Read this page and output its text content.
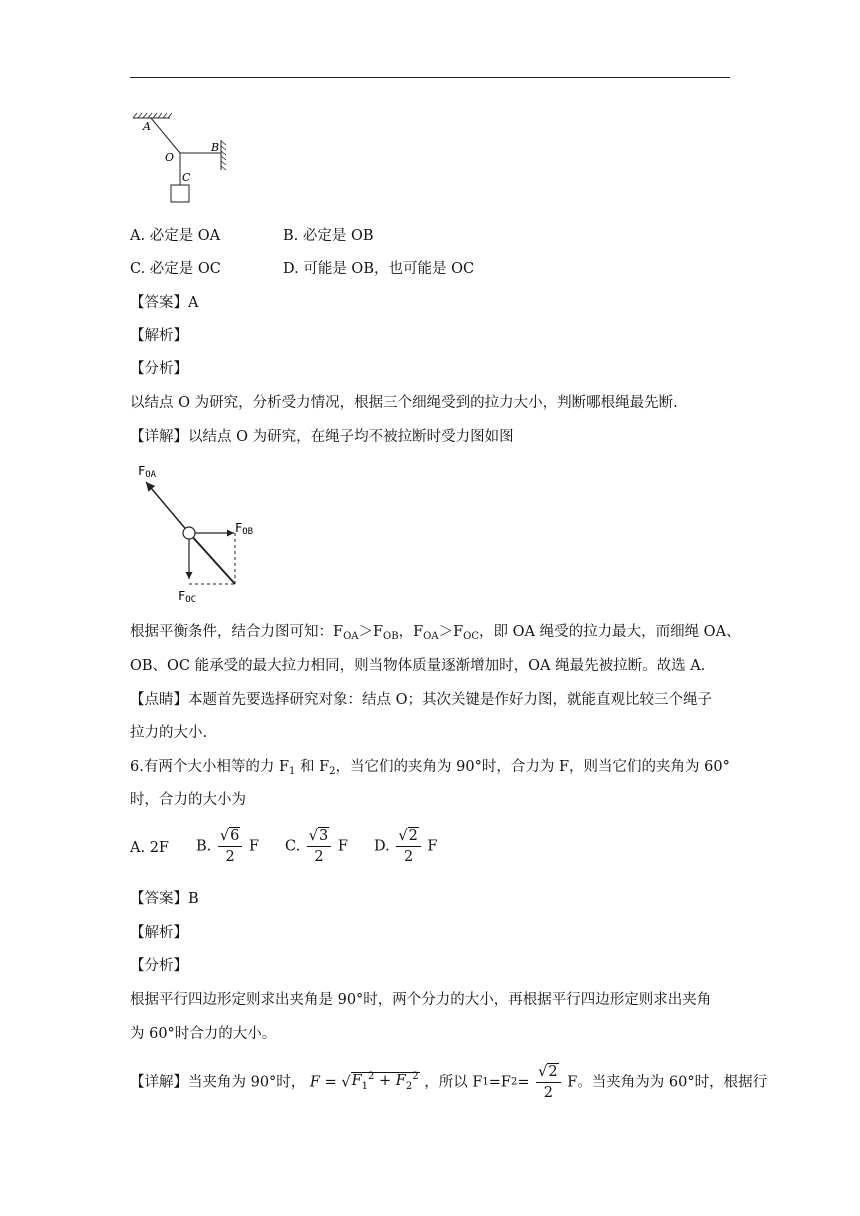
A
O
B
C
A. 必定是 OA	B. 必定是 OB
C. 必定是 OC	D. 可能是 OB，也可能是 OC
【答案】A
【解析】
【分析】
以结点 O 为研究，分析受力情况，根据三个细绳受到的拉力大小，判断哪根绳最先断.
【详解】以结点 O 为研究，在绳子均不被拉断时受力图如图
FOA
FOB
FOC
根据平衡条件，结合力图可知：$F_{OA}>F_{OB}$，$F_{OA}>F_{OC}$，即 OA 绳受的拉力最大，而细绳 OA、
OB、OC 能承受的最大拉力相同，则当物体质量逐渐增加时，OA 绳最先被拉断。故选 A.
【点睛】本题首先要选择研究对象：结点 O；其次关键是作好力图，就能直观比较三个绳子
拉力的大小.
6.有两个大小相等的力 $F_1$ 和 $F_2$，当它们的夹角为 90°时，合力为 F，则当它们的夹角为 60°
时，合力的大小为
A. 2F B. $\frac{√6}{2}$ F C. $\frac{√3}{2}$ F D. $\frac{√2}{2}$ F
【答案】B
【解析】
【分析】
根据平行四边形定则求出夹角是 90°时，两个分力的大小，再根据平行四边形定则求出夹角
为 60°时合力的大小。
【详解】当夹角为 90°时， $F = √F_1^2 + F_2^2$ ，所以 $F1=F2= \frac{√2}{2}$ F。当夹角为为 60°时，根据行
